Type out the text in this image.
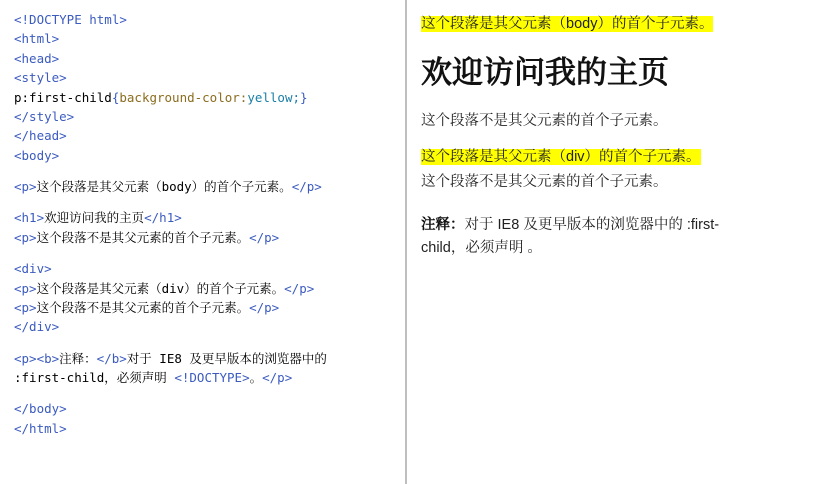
<!DOCTYPE html>
<html>
<head>
<style>
p:first-child{background-color:yellow;}
</style>
</head>
<body>
<p>这个段落是其父元素（body）的首个子元素。</p>
<h1>欢迎访问我的主页</h1>
<p>这个段落不是其父元素的首个子元素。</p>
<div>
<p>这个段落是其父元素（div）的首个子元素。</p>
<p>这个段落不是其父元素的首个子元素。</p>
</div>
<p><b>注释：</b>对于 IE8 及更早版本的浏览器中的
:first-child，必须声明 <!DOCTYPE>。</p>
</body>
</html>

这个段落是其父元素（body）的首个子元素。

欢迎访问我的主页

这个段落不是其父元素的首个子元素。

这个段落是其父元素（div）的首个子元素。

这个段落不是其父元素的首个子元素。

注释：对于 IE8 及更早版本的浏览器中的 :first-child，必须声明 。
